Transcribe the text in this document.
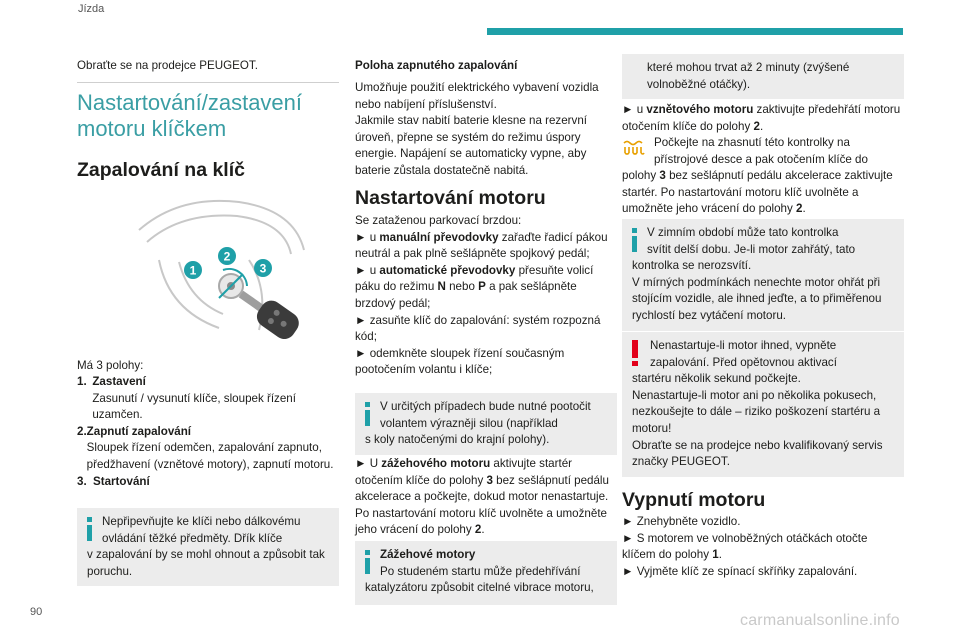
Jízda

Obraťte se na prodejce PEUGEOT.

Nastartování/zastavení
motoru klíčkem
Zapalování na klíč
1
2
3

Má 3 polohy:

1. Zastavení
Zasunutí / vysunutí klíče, sloupek řízení uzamčen.
2. Zapnutí zapalování
Sloupek řízení odemčen, zapalování zapnuto, předžhavení (vznětové motory), zapnutí motoru.
3. Startování

Nepřipevňujte ke klíči nebo dálkovému
ovládání těžké předměty. Dřík klíče

v zapalování by se mohl ohnout a způsobit tak poruchu.

Poloha zapnutého zapalování

Umožňuje použití elektrického vybavení vozidla nebo nabíjení příslušenství.

Jakmile stav nabití baterie klesne na rezervní úroveň, přepne se systém do režimu úspory energie. Napájení se automaticky vypne, aby baterie zůstala dostatečně nabitá.

Nastartování motoru

Se zataženou parkovací brzdou:

► u manuální převodovky zařaďte řadicí pákou neutrál a pak plně sešlápněte spojkový pedál;

► u automatické převodovky přesuňte volicí páku do režimu N nebo P a pak sešlápněte brzdový pedál;

► zasuňte klíč do zapalování: systém rozpozná kód;

► odemkněte sloupek řízení současným pootočením volantu i klíče;

V určitých případech bude nutné pootočit
volantem výrazněji silou (například

s koly natočenými do krajní polohy).

► U zážehového motoru aktivujte startér otočením klíče do polohy 3 bez sešlápnutí pedálu akcelerace a počkejte, dokud motor nenastartuje. Po nastartování motoru klíč uvolněte a umožněte jeho vrácení do polohy 2.

Zážehové motory
Po studeném startu může předehřívání

katalyzátoru způsobit citelné vibrace motoru,

které mohou trvat až 2 minuty (zvýšené volnoběžné otáčky).

► u vznětového motoru zaktivujte předehřátí motoru otočením klíče do polohy 2.

Počkejte na zhasnutí této kontrolky na
přístrojové desce a pak otočením klíče do

polohy 3 bez sešlápnutí pedálu akcelerace zaktivujte startér. Po nastartování motoru klíč uvolněte a umožněte jeho vrácení do polohy 2.

V zimním období může tato kontrolka
svítit delší dobu. Je-li motor zahřátý, tato

kontrolka se nerozsvítí.

V mírných podmínkách nenechte motor ohřát při stojícím vozidle, ale ihned jeďte, a to přiměřenou rychlostí bez vytáčení motoru.

Nenastartuje-li motor ihned, vypněte
zapalování. Před opětovnou aktivací

startéru několik sekund počkejte.

Nenastartuje-li motor ani po několika pokusech, nezkoušejte to dále – riziko poškození startéru a motoru!

Obraťte se na prodejce nebo kvalifikovaný servis značky PEUGEOT.

Vypnutí motoru

► Znehybněte vozidlo.

► S motorem ve volnoběžných otáčkách otočte klíčem do polohy 1.

► Vyjměte klíč ze spínací skříňky zapalování.

90	carmanualsonline.info
